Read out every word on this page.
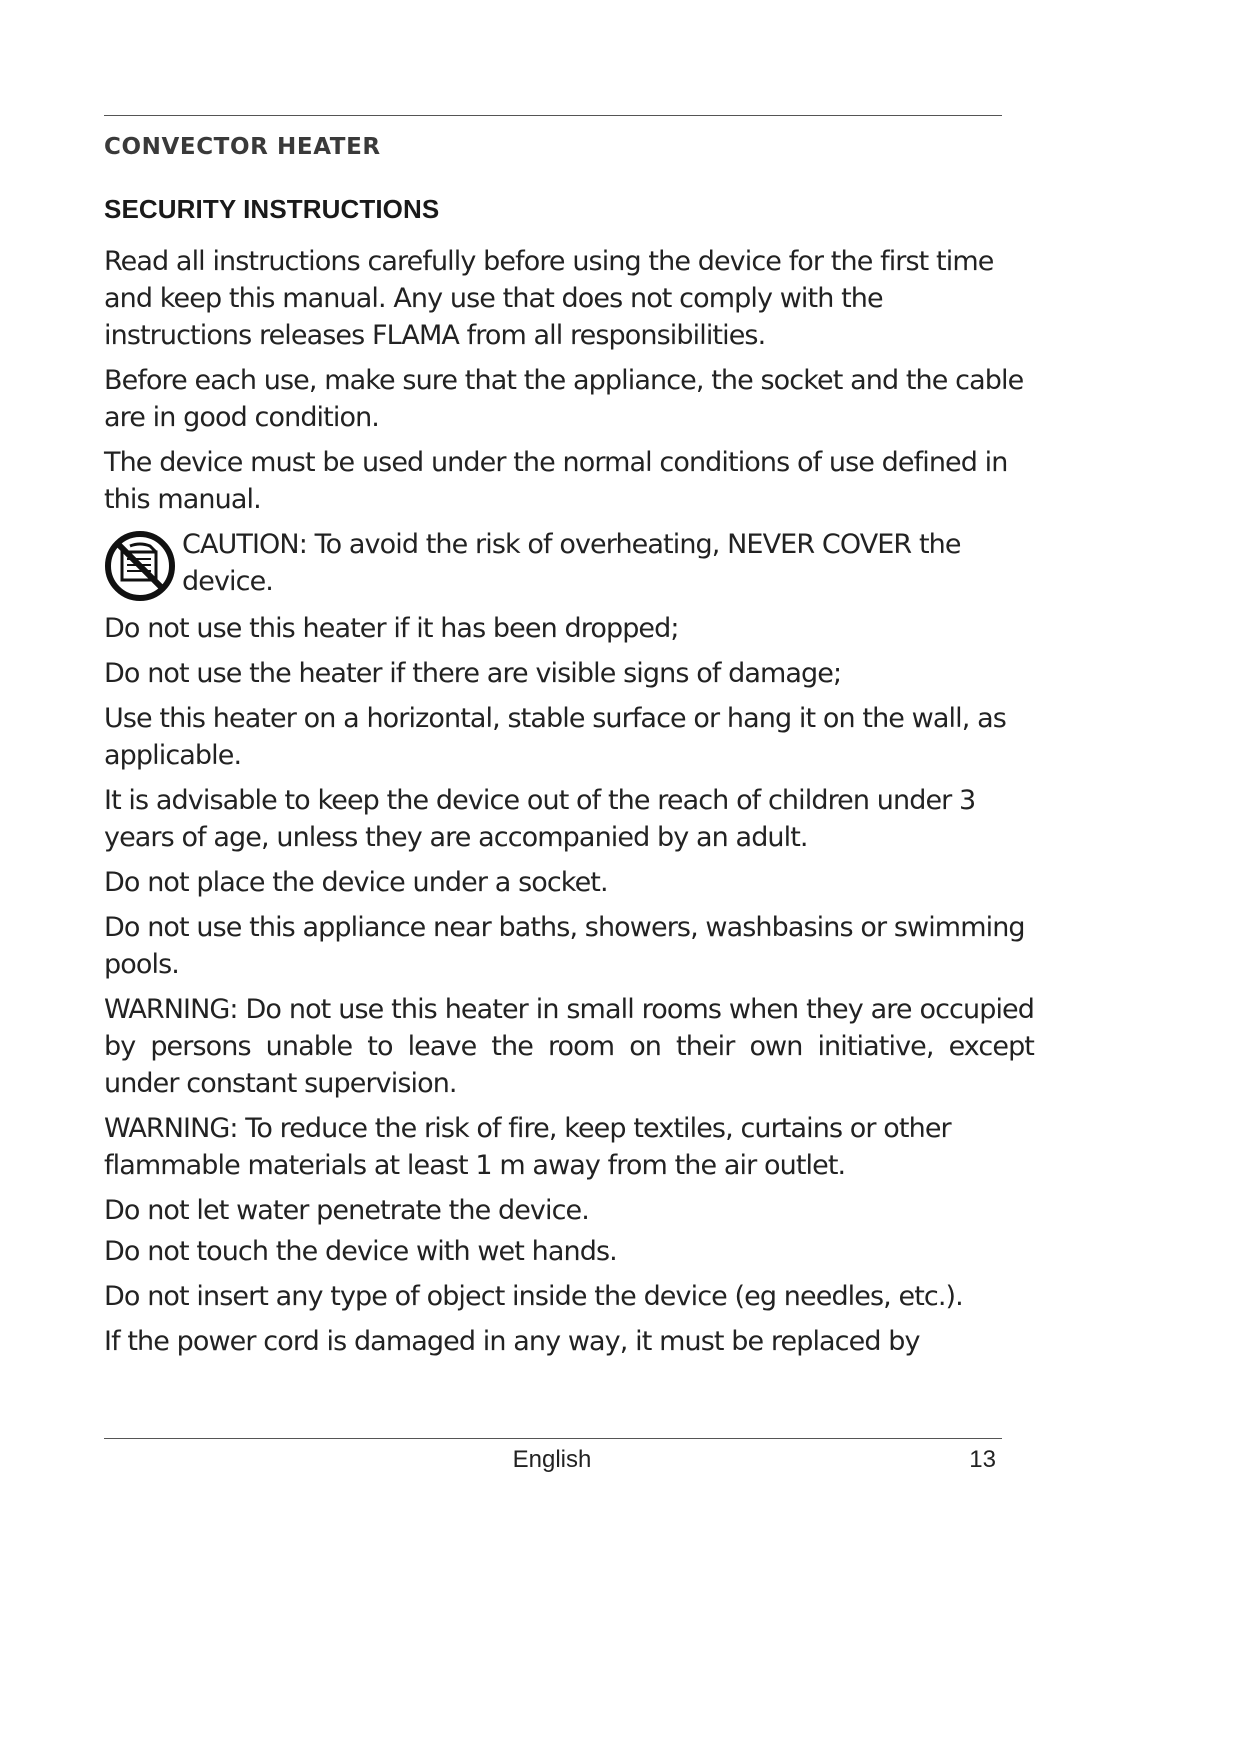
CONVECTOR HEATER
SECURITY INSTRUCTIONS

Read all instructions carefully before using the device for the first time and keep this manual. Any use that does not comply with the instructions releases FLAMA from all responsibilities.

Before each use, make sure that the appliance, the socket and the cable are in good condition.

The device must be used under the normal conditions of use defined in this manual.

CAUTION: To avoid the risk of overheating, NEVER COVER the device.

Do not use this heater if it has been dropped;

Do not use the heater if there are visible signs of damage;

Use this heater on a horizontal, stable surface or hang it on the wall, as applicable.

It is advisable to keep the device out of the reach of children under 3 years of age, unless they are accompanied by an adult.

Do not place the device under a socket.

Do not use this appliance near baths, showers, washbasins or swimming pools.

WARNING: Do not use this heater in small rooms when they are occupied by persons unable to leave the room on their own initiative, except under constant supervision.

WARNING: To reduce the risk of fire, keep textiles, curtains or other flammable materials at least 1 m away from the air outlet.

Do not let water penetrate the device.

Do not touch the device with wet hands.

Do not insert any type of object inside the device (eg needles, etc.).

If the power cord is damaged in any way, it must be replaced by

English	13
